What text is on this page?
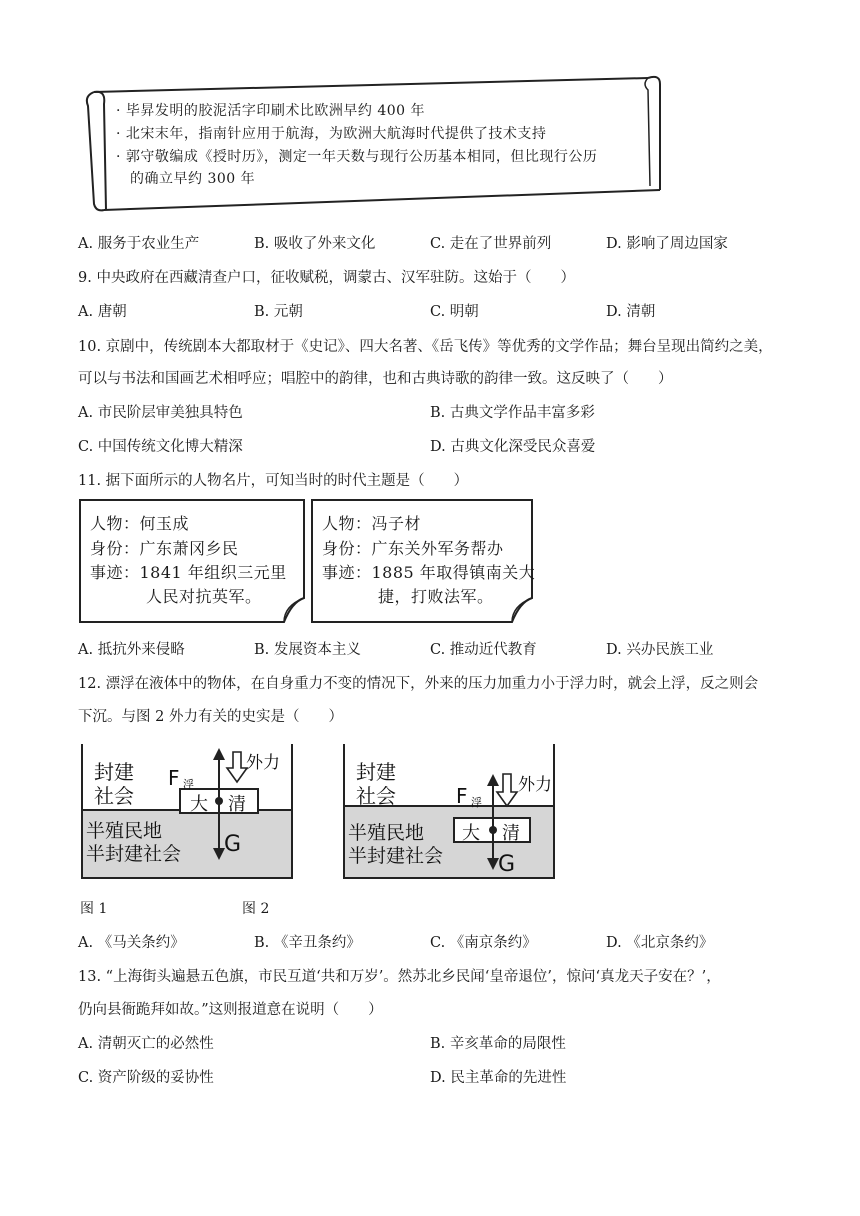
· 毕昇发明的胶泥活字印刷术比欧洲早约 400 年
· 北宋末年，指南针应用于航海，为欧洲大航海时代提供了技术支持
· 郭守敬编成《授时历》，测定一年天数与现行公历基本相同，但比现行公历
的确立早约 300 年
A. 服务于农业生产	B. 吸收了外来文化	C. 走在了世界前列	D. 影响了周边国家
9. 中央政府在西藏清查户口，征收赋税，调蒙古、汉军驻防。这始于（　　）
A. 唐朝	B. 元朝	C. 明朝	D. 清朝
10. 京剧中，传统剧本大都取材于《史记》、四大名著、《岳飞传》等优秀的文学作品；舞台呈现出简约之美，
可以与书法和国画艺术相呼应；唱腔中的韵律，也和古典诗歌的韵律一致。这反映了（　　）
A. 市民阶层审美独具特色	B. 古典文学作品丰富多彩
C. 中国传统文化博大精深	D. 古典文化深受民众喜爱
11. 据下面所示的人物名片，可知当时的时代主题是（　　）
人物：何玉成
身份：广东萧冈乡民
事迹：1841 年组织三元里
人民对抗英军。
人物：冯子材
身份：广东关外军务帮办
事迹：1885 年取得镇南关大
捷，打败法军。
A. 抵抗外来侵略	B. 发展资本主义	C. 推动近代教育	D. 兴办民族工业
12. 漂浮在液体中的物体，在自身重力不变的情况下，外来的压力加重力小于浮力时，就会上浮，反之则会
下沉。与图 2 外力有关的史实是（　　）
封建
社会
F 浮
外力
大 清
半殖民地
半封建社会 G
封建
社会	F 浮
外力
大 清
半殖民地
半封建社会 G
图 1	图 2
A. 《马关条约》	B. 《辛丑条约》	C. 《南京条约》	D. 《北京条约》
13. “上海街头遍悬五色旗，市民互道‘共和万岁’。然苏北乡民闻‘皇帝退位’，惊问‘真龙天子安在？’，
仍向县衙跪拜如故。”这则报道意在说明（　　）
A. 清朝灭亡的必然性	B. 辛亥革命的局限性
C. 资产阶级的妥协性	D. 民主革命的先进性
